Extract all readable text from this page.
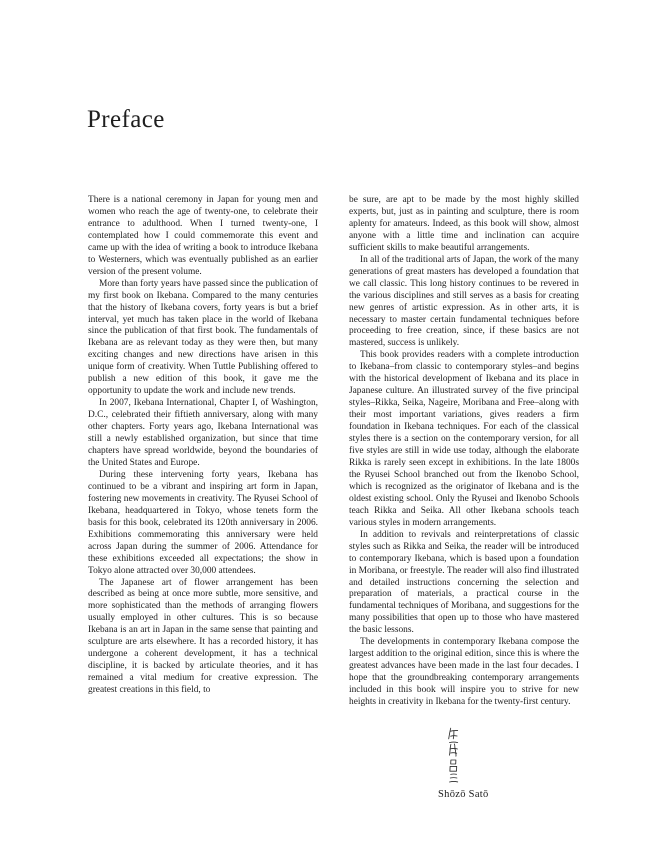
Preface

There is a national ceremony in Japan for young men and women who reach the age of twenty-one, to celebrate their entrance to adulthood. When I turned twenty-one, I contemplated how I could commemorate this event and came up with the idea of writing a book to introduce Ikebana to Westerners, which was eventually published as an earlier version of the present volume.

More than forty years have passed since the publication of my first book on Ikebana. Compared to the many centuries that the history of Ikebana covers, forty years is but a brief interval, yet much has taken place in the world of Ikebana since the publication of that first book. The fundamentals of Ikebana are as relevant today as they were then, but many exciting changes and new directions have arisen in this unique form of creativity. When Tuttle Publishing offered to publish a new edition of this book, it gave me the opportunity to update the work and include new trends.

In 2007, Ikebana International, Chapter I, of Washington, D.C., celebrated their fiftieth anniversary, along with many other chapters. Forty years ago, Ikebana International was still a newly established organization, but since that time chapters have spread worldwide, beyond the boundaries of the United States and Europe.

During these intervening forty years, Ikebana has continued to be a vibrant and inspiring art form in Japan, fostering new movements in creativity. The Ryusei School of Ikebana, headquartered in Tokyo, whose tenets form the basis for this book, celebrated its 120th anniversary in 2006. Exhibitions commemorating this anniversary were held across Japan during the summer of 2006. Attendance for these exhibitions exceeded all expectations; the show in Tokyo alone attracted over 30,000 attendees.

The Japanese art of flower arrangement has been described as being at once more subtle, more sensitive, and more sophisticated than the methods of arranging flowers usually employed in other cultures. This is so because Ikebana is an art in Japan in the same sense that painting and sculpture are arts elsewhere. It has a recorded history, it has undergone a coherent development, it has a technical discipline, it is backed by articulate theories, and it has remained a vital medium for creative expression. The greatest creations in this field, to

be sure, are apt to be made by the most highly skilled experts, but, just as in painting and sculpture, there is room aplenty for amateurs. Indeed, as this book will show, almost anyone with a little time and inclination can acquire sufficient skills to make beautiful arrangements.

In all of the traditional arts of Japan, the work of the many generations of great masters has developed a foundation that we call classic. This long history continues to be revered in the various disciplines and still serves as a basis for creating new genres of artistic expression. As in other arts, it is necessary to master certain fundamental techniques before proceeding to free creation, since, if these basics are not mastered, success is unlikely.

This book provides readers with a complete introduction to Ikebana–from classic to contemporary styles–and begins with the historical development of Ikebana and its place in Japanese culture. An illustrated survey of the five principal styles–Rikka, Seika, Nageire, Moribana and Free–along with their most important variations, gives readers a firm foundation in Ikebana techniques. For each of the classical styles there is a section on the contemporary version, for all five styles are still in wide use today, although the elaborate Rikka is rarely seen except in exhibitions. In the late 1800s the Ryusei School branched out from the Ikenobo School, which is recognized as the originator of Ikebana and is the oldest existing school. Only the Ryusei and Ikenobo Schools teach Rikka and Seika. All other Ikebana schools teach various styles in modern arrangements.

In addition to revivals and reinterpretations of classic styles such as Rikka and Seika, the reader will be introduced to contemporary Ikebana, which is based upon a foundation in Moribana, or freestyle. The reader will also find illustrated and detailed instructions concerning the selection and preparation of materials, a practical course in the fundamental techniques of Moribana, and suggestions for the many possibilities that open up to those who have mastered the basic lessons.

The developments in contemporary Ikebana compose the largest addition to the original edition, since this is where the greatest advances have been made in the last four decades. I hope that the groundbreaking contemporary arrangements included in this book will inspire you to strive for new heights in creativity in Ikebana for the twenty-first century.

Shōzō Satō
